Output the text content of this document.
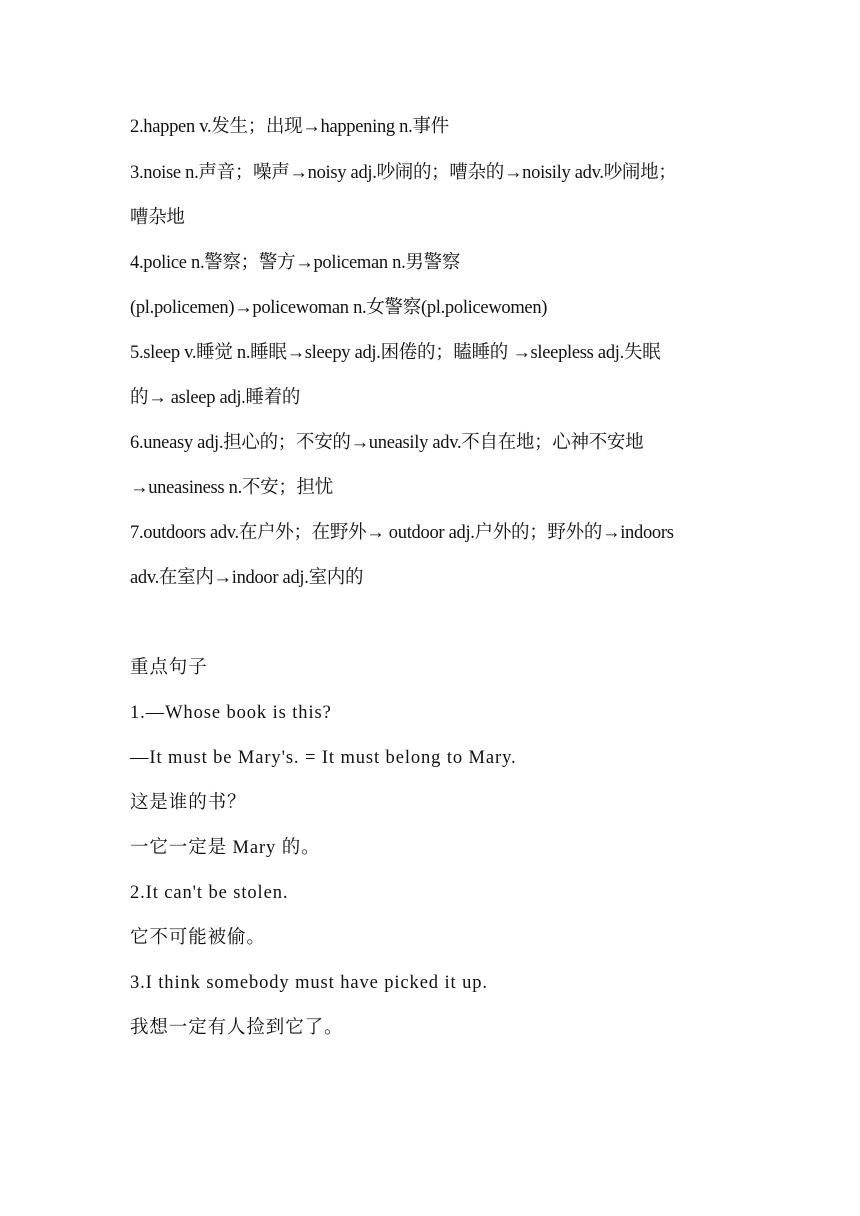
2.happen v.发生；出现→happening n.事件
3.noise n.声音；噪声→noisy adj.吵闹的；嘈杂的→noisily adv.吵闹地；
嘈杂地
4.police n.警察；警方→policeman n.男警察
(pl.policemen)→policewoman n.女警察(pl.policewomen)
5.sleep v.睡觉 n.睡眠→sleepy adj.困倦的；瞌睡的 →sleepless adj.失眠
的→ asleep adj.睡着的
6.uneasy adj.担心的；不安的→uneasily adv.不自在地；心神不安地
→uneasiness n.不安；担忧
7.outdoors adv.在户外；在野外→ outdoor adj.户外的；野外的→indoors
adv.在室内→indoor adj.室内的
重点句子
1.—Whose book is this?
—It must be Mary's. = It must belong to Mary.
这是谁的书？
一它一定是 Mary 的。
2.It can't be stolen.
它不可能被偷。
3.I think somebody must have picked it up.
我想一定有人捡到它了。
